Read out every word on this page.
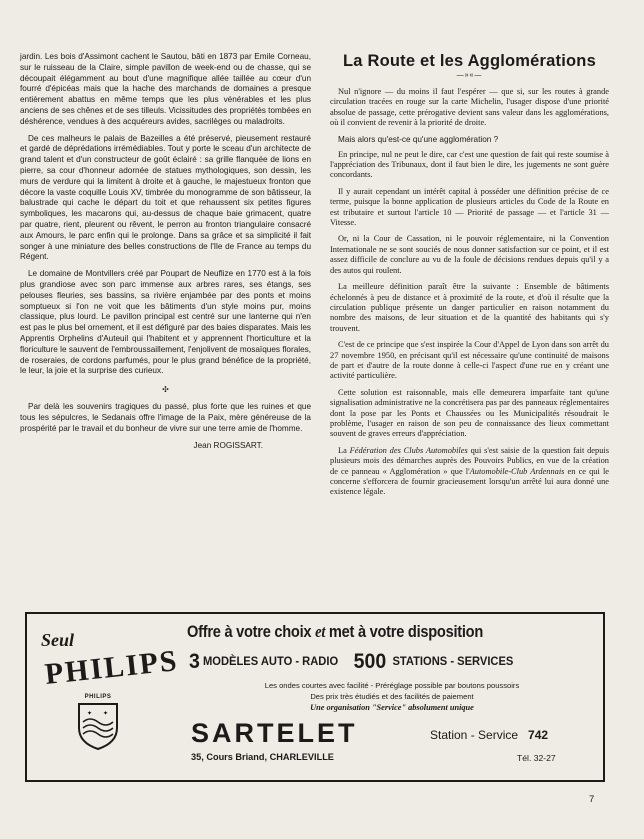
jardin. Les bois d'Assimont cachent le Sautou, bâti en 1873 par Emile Corneau, sur le ruisseau de la Claire, simple pavillon de week-end ou de chasse, qui se découpait élégamment au bout d'une magnifique allée taillée au cœur d'un fourré d'épicéas mais que la hache des marchands de domaines a presque entièrement abattus en même temps que les plus vénérables et les plus anciens de ses chênes et de ses tilleuls. Vicissitudes des propriétés tombées en déshérence, vendues à des acquéreurs avides, sacrilèges ou maladroits.

De ces malheurs le palais de Bazeilles a été préservé, pieusement restauré et gardé de déprédations irrémédiables. Tout y porte le sceau d'un architecte de grand talent et d'un constructeur de goût éclairé : sa grille flanquée de lions en pierre, sa cour d'honneur adornée de statues mythologiques, son dessin, les murs de verdure qui la limitent à droite et à gauche, le majestueux fronton que décore la vaste coquille Louis XV, timbrée du monogramme de son bâtisseur, la balustrade qui cache le départ du toit et que rehaussent six petites figures symboliques, les macarons qui, au-dessus de chaque baie grimacent, quatre par quatre, rient, pleurent ou rêvent, le perron au fronton triangulaire consacré aux Amours, le parc enfin qui le prolonge. Dans sa grâce et sa simplicité il fait songer à une miniature des belles constructions de l'Ile de France au temps du Régent.

Le domaine de Montvillers créé par Poupart de Neuflize en 1770 est à la fois plus grandiose avec son parc immense aux arbres rares, ses étangs, ses pelouses fleuries, ses bassins, sa rivière enjambée par des ponts et moins somptueux si l'on ne voit que les bâtiments d'un style moins pur, moins classique, plus lourd. Le pavillon principal est centré sur une lanterne qui n'en est pas le plus bel ornement, et il est défiguré par des baies disparates. Mais les Apprentis Orphelins d'Auteuil qui l'habitent et y apprennent l'horticulture et la floriculture le sauvent de l'embroussaillement, l'enjolivent de mosaïques florales, de roseraies, de cordons parfumés, pour le plus grand bénéfice de la propriété, le leur, la joie et la surprise des curieux.

✣

Par delà les souvenirs tragiques du passé, plus forte que les ruines et que tous les sépulcres, le Sedanais offre l'image de la Paix, mère généreuse de la prospérité par le travail et du bonheur de vivre sur une terre amie de l'homme.

Jean ROGISSART.
La Route et les Agglomérations
—»«—

Nul n'ignore — du moins il faut l'espérer — que si, sur les routes à grande circulation tracées en rouge sur la carte Michelin, l'usager dispose d'une priorité absolue de passage, cette prérogative devient sans valeur dans les agglomérations, où il convient de revenir à la priorité de droite.

Mais alors qu'est-ce qu'une agglomération ?

En principe, nul ne peut le dire, car c'est une question de fait qui reste soumise à l'appréciation des Tribunaux, dont il faut bien le dire, les jugements ne sont guère concordants.

Il y aurait cependant un intérêt capital à posséder une définition précise de ce terme, puisque la bonne application de plusieurs articles du Code de la Route en est tributaire et surtout l'article 10 — Priorité de passage — et l'article 31 — Vitesse.

Or, ni la Cour de Cassation, ni le pouvoir réglementaire, ni la Convention Internationale ne se sont souciés de nous donner satisfaction sur ce point, et il est assez difficile de conclure au vu de la foule de décisions rendues depuis qu'il y a des autos qui roulent.

La meilleure définition paraît être la suivante : Ensemble de bâtiments échelonnés à peu de distance et à proximité de la route, et d'où il résulte que la circulation publique présente un danger particulier en raison notamment du nombre des maisons, de leur situation et de la quantité des habitants qui s'y trouvent.

C'est de ce principe que s'est inspirée la Cour d'Appel de Lyon dans son arrêt du 27 novembre 1950, en précisant qu'il est nécessaire qu'une continuité de maisons de part et d'autre de la route donne à celle-ci l'aspect d'une rue en y créant une activité particulière.

Cette solution est raisonnable, mais elle demeurera imparfaite tant qu'une signalisation administrative ne la concrétisera pas par des panneaux réglementaires dont la pose par les Ponts et Chaussées ou les Municipalités résoudrait le problème, l'usager en raison de son peu de connaissance des lieux commettant souvent de graves erreurs d'appréciation.

La Fédération des Clubs Automobiles qui s'est saisie de la question fait depuis plusieurs mois des démarches auprès des Pouvoirs Publics, en vue de la création de ce panneau « Agglomération » que l'Automobile-Club Ardennais en ce qui le concerne s'efforcera de fournir gracieusement lorsqu'un arrêté lui aura donné une existence légale.

Seul
PHILIPS
PHILIPS
✦ ✦
Offre à votre choix et met à votre disposition
3 MODÈLES AUTO - RADIO 500 STATIONS - SERVICES
Les ondes courtes avec facilité - Préréglage possible par boutons poussoirs
Des prix très étudiés et des facilités de paiement
Une organisation "Service" absolument unique
SARTELET	Station - Service 742
35, Cours Briand, CHARLEVILLE	Tél. 32-27
7
